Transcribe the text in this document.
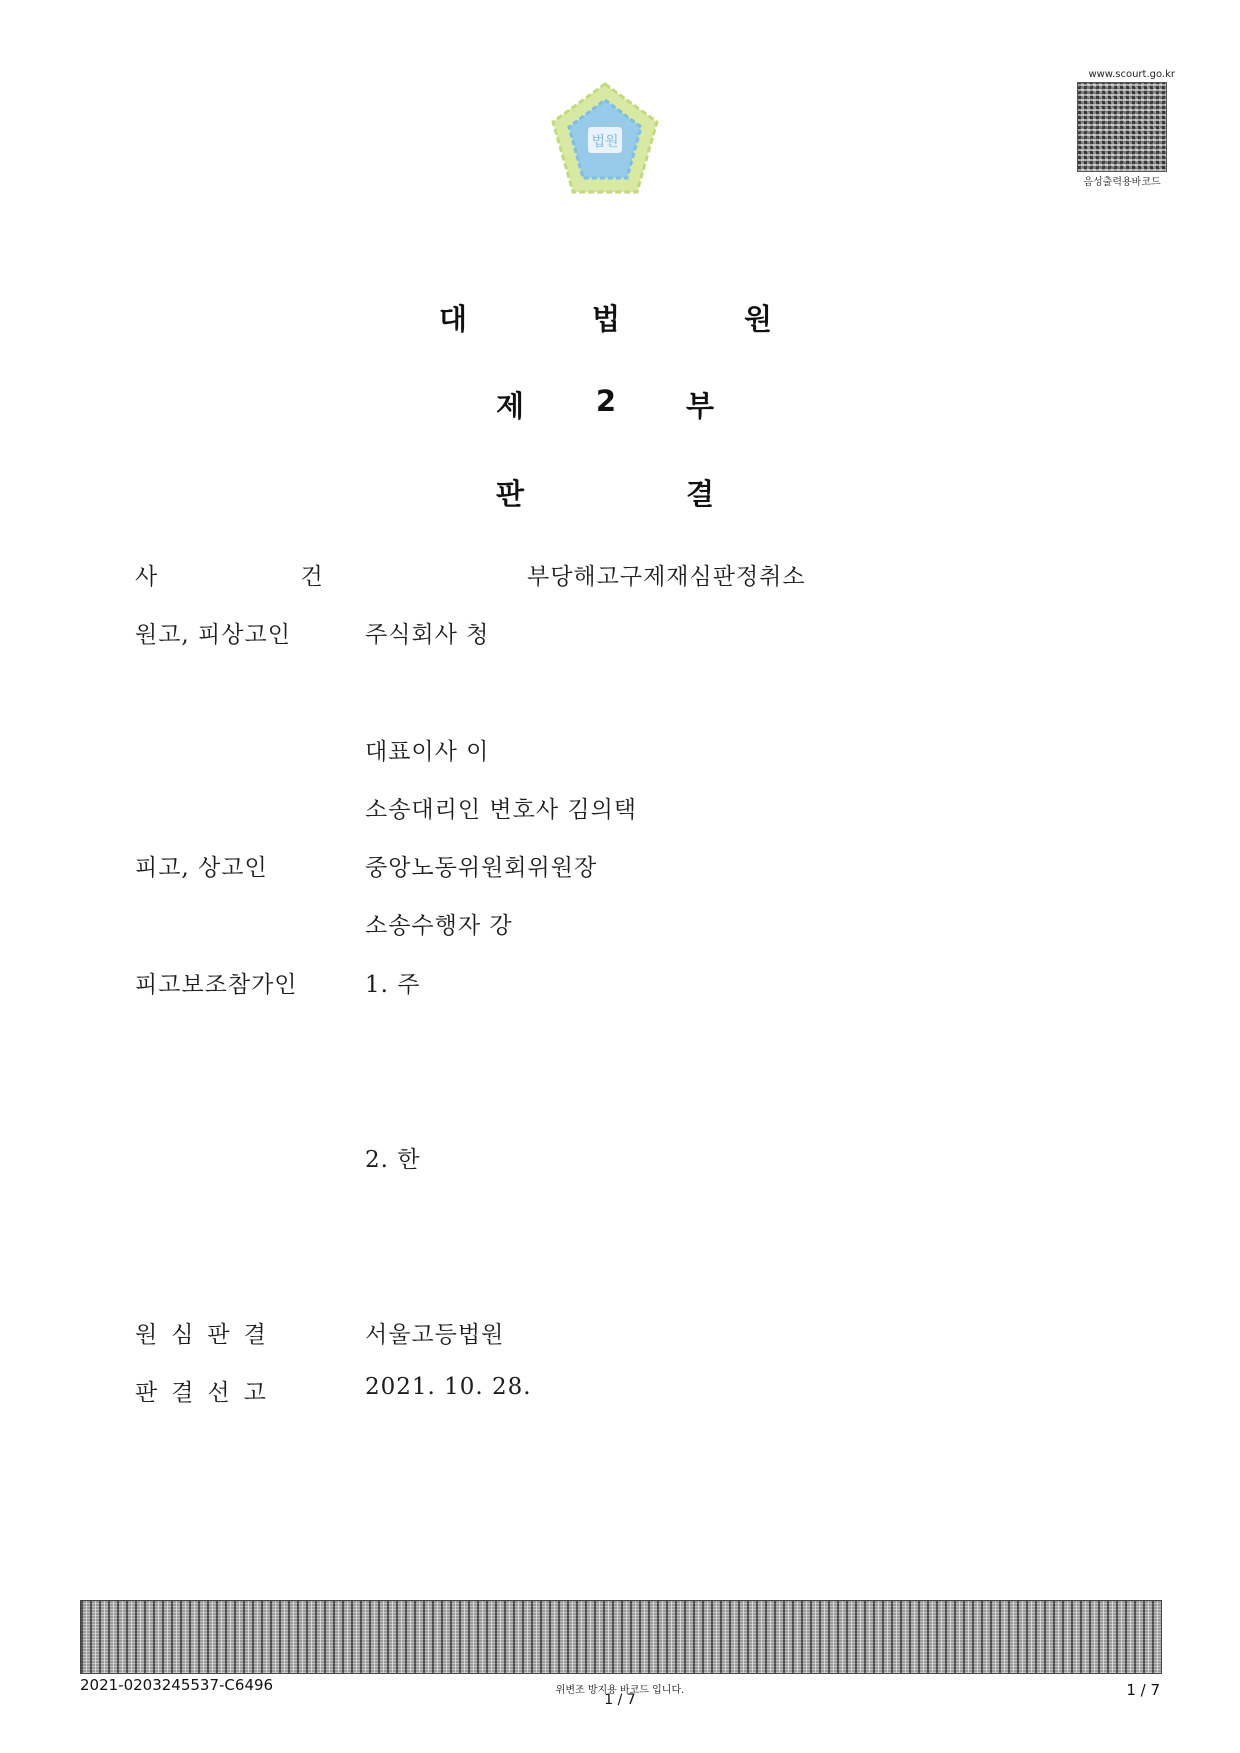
법원
www.scourt.go.kr
음성출력용바코드
대	법	원
제 2 부
판	결
사 건	부당해고구제재심판정취소
원고, 피상고인	주식회사 청
대표이사 이
소송대리인 변호사 김의택
피고, 상고인	중앙노동위원회위원장
소송수행자 강
피고보조참가인	1. 주
2. 한
원심판결	서울고등법원
판결선고	2021. 10. 28.
2021-0203245537-C6496	위변조 방지용 바코드 입니다.
1 / 7
1 / 7
